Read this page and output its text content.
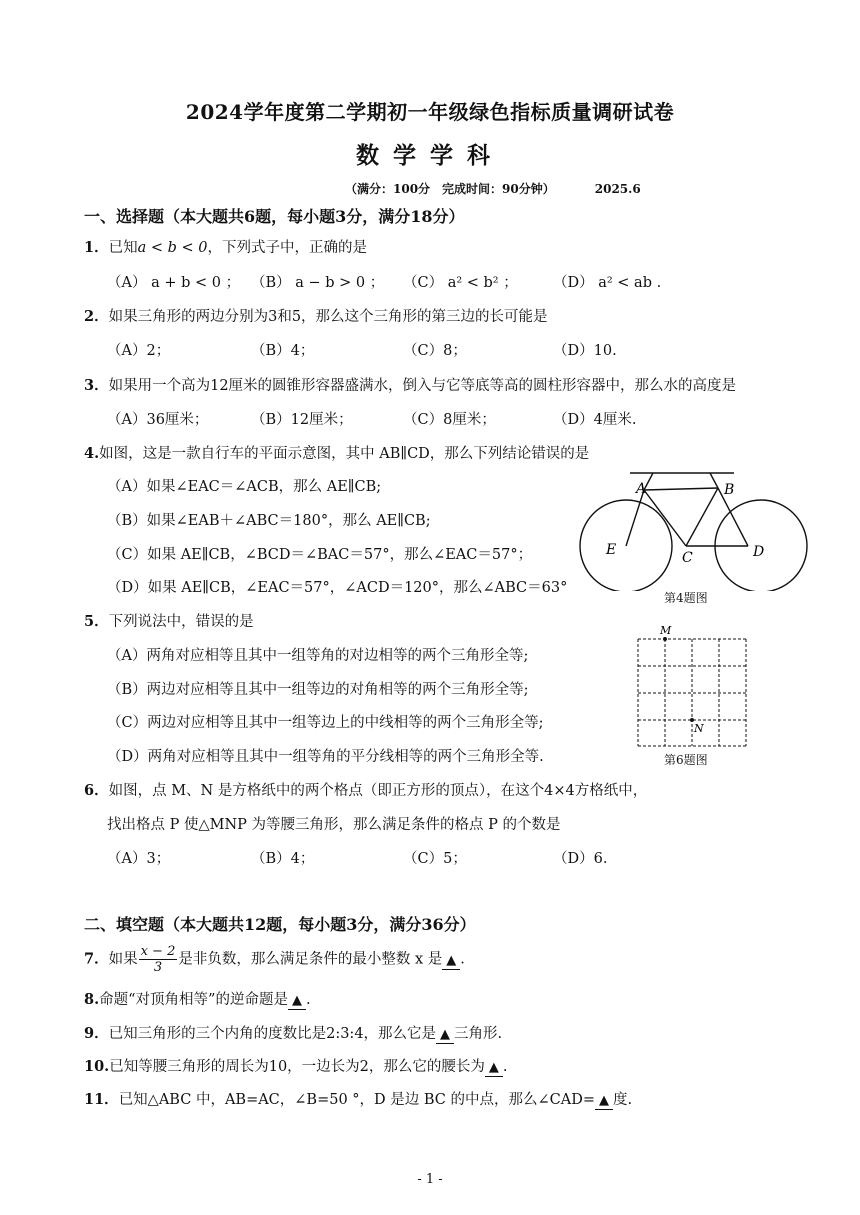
2024学年度第二学期初一年级绿色指标质量调研试卷
数学学科
（满分：100分　完成时间：90分钟）	2025.6
一、选择题（本大题共6题，每小题3分，满分18分）
1．已知a < b < 0，下列式子中，正确的是
（A） a + b < 0 ； （B） a − b > 0 ； （C） a² < b² ； （D） a² < ab .
2．如果三角形的两边分别为3和5，那么这个三角形的第三边的长可能是
（A）2；	（B）4；	（C）8；	（D）10.
3．如果用一个高为12厘米的圆锥形容器盛满水，倒入与它等底等高的圆柱形容器中，那么水的高度是
（A）36厘米；	（B）12厘米；	（C）8厘米；	（D）4厘米.
4.如图，这是一款自行车的平面示意图，其中 AB∥CD，那么下列结论错误的是
（A）如果∠EAC＝∠ACB，那么 AE∥CB;
（B）如果∠EAB＋∠ABC＝180°，那么 AE∥CB;
（C）如果 AE∥CB，∠BCD＝∠BAC＝57°，那么∠EAC＝57°；
（D）如果 AE∥CB，∠EAC＝57°，∠ACD＝120°，那么∠ABC＝63°
A	B
C	D
E
第4题图
5．下列说法中，错误的是
（A）两角对应相等且其中一组等角的对边相等的两个三角形全等;
（B）两边对应相等且其中一组等边的对角相等的两个三角形全等;
（C）两边对应相等且其中一组等边上的中线相等的两个三角形全等;
（D）两角对应相等且其中一组等角的平分线相等的两个三角形全等.
M
N
第6题图
6．如图，点 M、N 是方格纸中的两个格点（即正方形的顶点），在这个4×4方格纸中，
找出格点 P 使△MNP 为等腰三角形，那么满足条件的格点 P 的个数是
（A）3；	（B）4；	（C）5；	（D）6.
二、填空题（本大题共12题，每小题3分，满分36分）
7．如果 $\frac{x - 2}{3}$ 是非负数，那么满足条件的最小整数 x 是 ▲ .
8.命题“对顶角相等”的逆命题是 ▲ .
9．已知三角形的三个内角的度数比是2:3:4，那么它是 ▲ 三角形.
10.已知等腰三角形的周长为10，一边长为2，那么它的腰长为 ▲ .
11．已知△ABC 中，AB=AC，∠B=50 °，D 是边 BC 的中点，那么∠CAD= ▲ 度.
- 1 -
